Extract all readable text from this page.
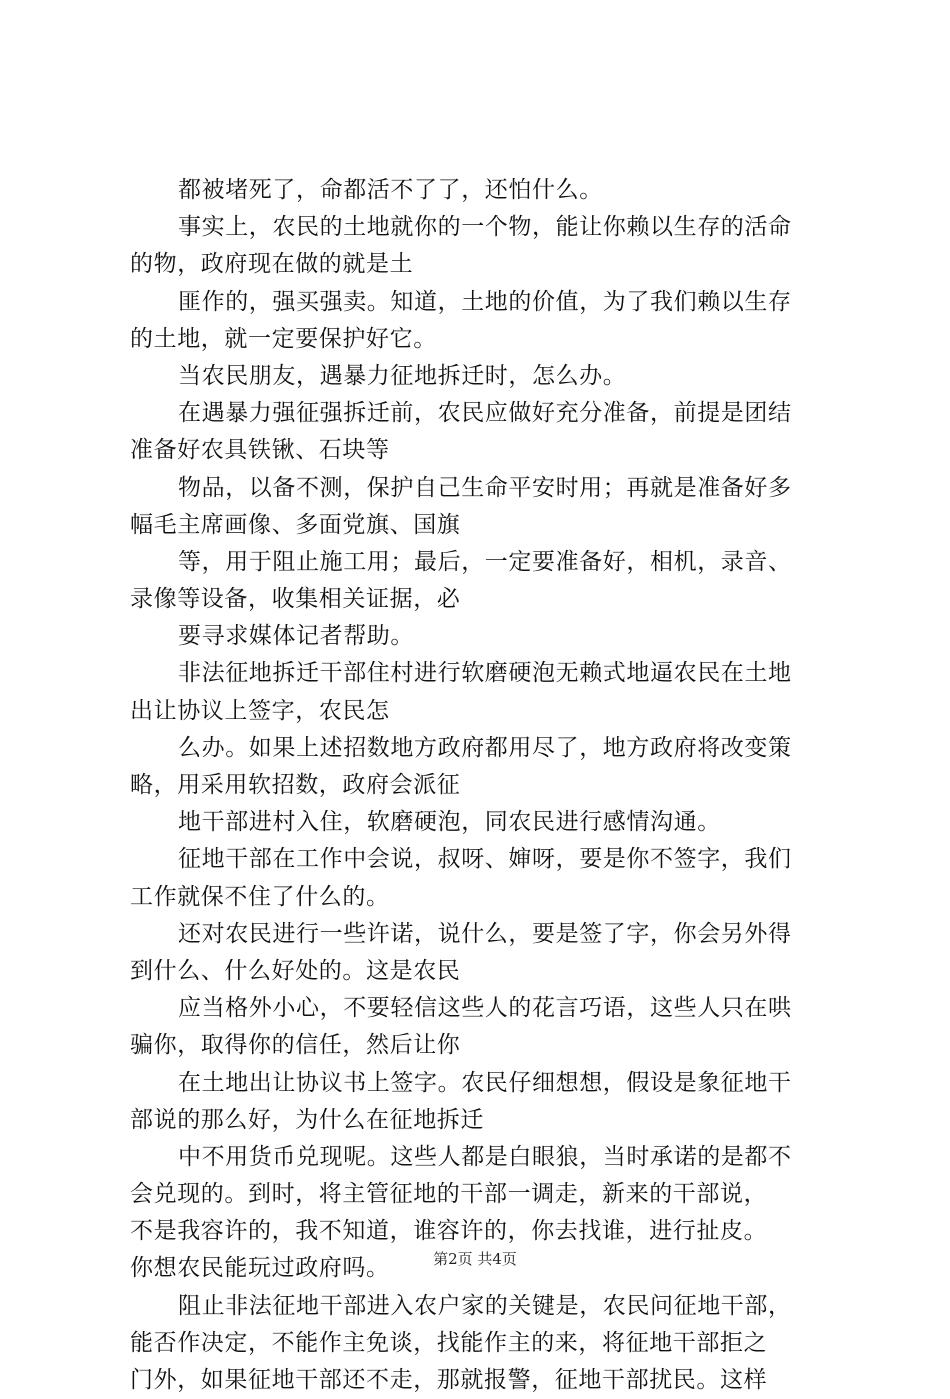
都被堵死了，命都活不了了，还怕什么。
事实上，农民的土地就你的一个物，能让你赖以生存的活命
的物，政府现在做的就是土
匪作的，强买强卖。知道，土地的价值，为了我们赖以生存
的土地，就一定要保护好它。
当农民朋友，遇暴力征地拆迁时，怎么办。
在遇暴力强征强拆迁前，农民应做好充分准备，前提是团结
准备好农具铁锹、石块等
物品，以备不测，保护自己生命平安时用；再就是准备好多
幅毛主席画像、多面党旗、国旗
等，用于阻止施工用；最后，一定要准备好，相机，录音、
录像等设备，收集相关证据，必
要寻求媒体记者帮助。
非法征地拆迁干部住村进行软磨硬泡无赖式地逼农民在土地
出让协议上签字，农民怎
么办。如果上述招数地方政府都用尽了，地方政府将改变策
略，用采用软招数，政府会派征
地干部进村入住，软磨硬泡，同农民进行感情沟通。
征地干部在工作中会说，叔呀、婶呀，要是你不签字，我们
工作就保不住了什么的。
还对农民进行一些许诺，说什么，要是签了字，你会另外得
到什么、什么好处的。这是农民
应当格外小心，不要轻信这些人的花言巧语，这些人只在哄
骗你，取得你的信任，然后让你
在土地出让协议书上签字。农民仔细想想，假设是象征地干
部说的那么好，为什么在征地拆迁
中不用货币兑现呢。这些人都是白眼狼，当时承诺的是都不
会兑现的。到时，将主管征地的干部一调走，新来的干部说，
不是我容许的，我不知道，谁容许的，你去找谁，进行扯皮。
你想农民能玩过政府吗。
阻止非法征地干部进入农户家的关键是，农民问征地干部，
能否作决定，不能作主免谈，找能作主的来，将征地干部拒之
门外，如果征地干部还不走，那就报警，征地干部扰民。这样
第2页 共4页
